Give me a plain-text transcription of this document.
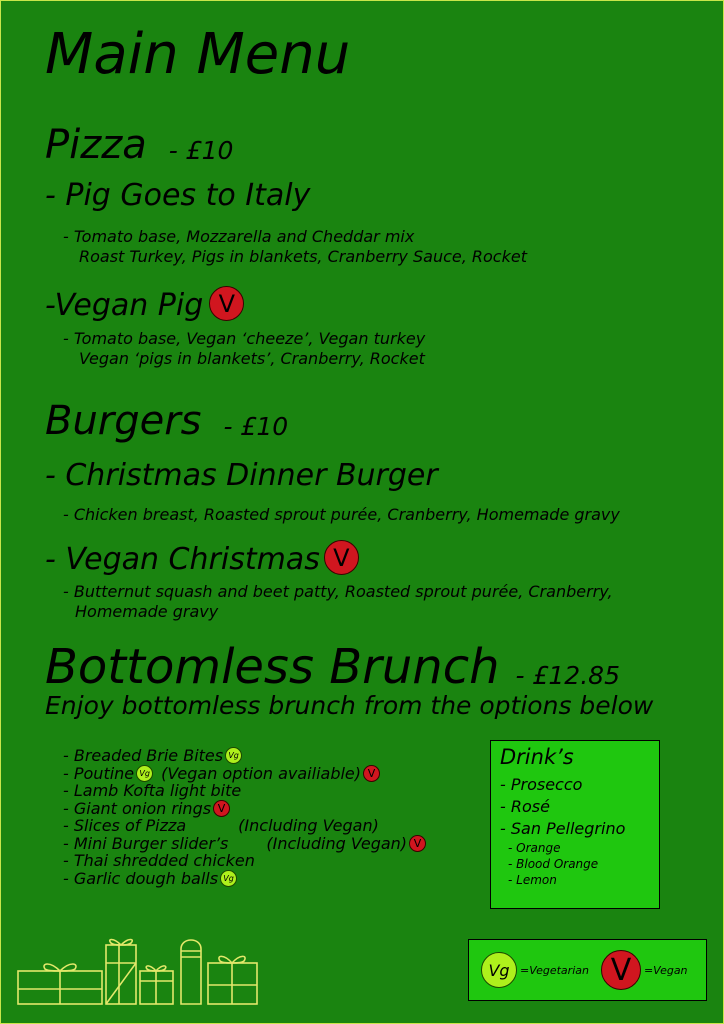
Main Menu
Pizza - £10
- Pig Goes to Italy
- Tomato base, Mozzarella and Cheddar mix
Roast Turkey, Pigs in blankets, Cranberry Sauce, Rocket
-Vegan Pig V
- Tomato base, Vegan ‘cheeze’, Vegan turkey
Vegan ‘pigs in blankets’, Cranberry, Rocket
Burgers - £10
- Christmas Dinner Burger
- Chicken breast, Roasted sprout purée, Cranberry, Homemade gravy
- Vegan Christmas V
- Butternut squash and beet patty, Roasted sprout purée, Cranberry,
Homemade gravy
Bottomless Brunch - £12.85
Enjoy bottomless brunch from the options below
- Breaded Brie Bites Vg
- Poutine Vg (Vegan option availiable) V
- Lamb Kofta light bite
- Giant onion rings V
- Slices of Pizza	(Including Vegan)
- Mini Burger slider’s (Including Vegan) V
- Thai shredded chicken
- Garlic dough balls Vg
Drink’s
- Prosecco
- Rosé
- San Pellegrino
- Orange
- Blood Orange
- Lemon
Vg =Vegetarian V	=Vegan
